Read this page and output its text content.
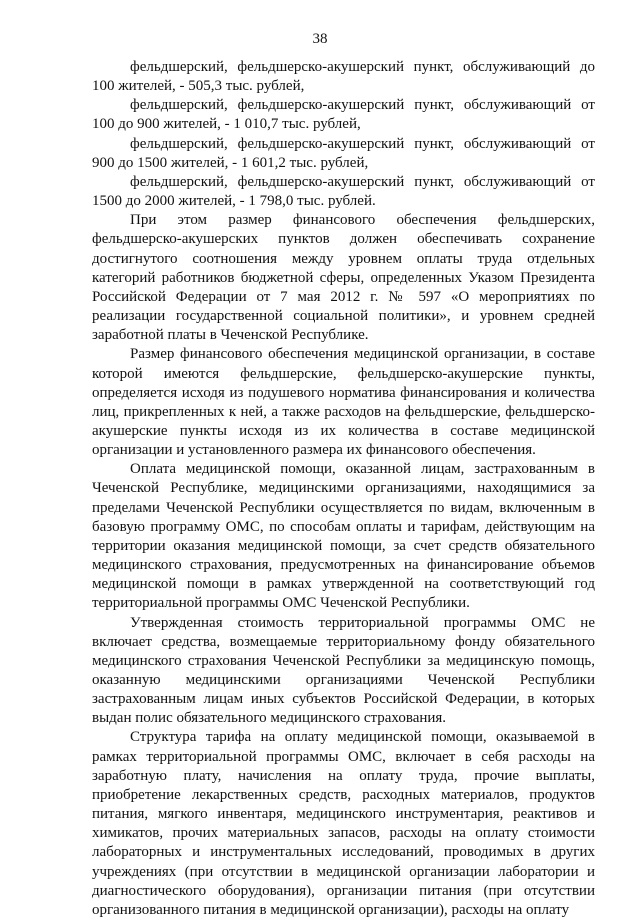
38

фельдшерский, фельдшерско-акушерский пункт, обслуживающий до 100 жителей, - 505,3 тыс. рублей,

фельдшерский, фельдшерско-акушерский пункт, обслуживающий от 100 до 900 жителей, - 1 010,7 тыс. рублей,

фельдшерский, фельдшерско-акушерский пункт, обслуживающий от 900 до 1500 жителей, - 1 601,2 тыс. рублей,

фельдшерский, фельдшерско-акушерский пункт, обслуживающий от 1500 до 2000 жителей, - 1 798,0 тыс. рублей.

При этом размер финансового обеспечения фельдшерских, фельдшерско-акушерских пунктов должен обеспечивать сохранение достигнутого соотношения между уровнем оплаты труда отдельных категорий работников бюджетной сферы, определенных Указом Президента Российской Федерации от 7 мая 2012 г. № 597 «О мероприятиях по реализации государственной социальной политики», и уровнем средней заработной платы в Чеченской Республике.

Размер финансового обеспечения медицинской организации, в составе которой имеются фельдшерские, фельдшерско-акушерские пункты, определяется исходя из подушевого норматива финансирования и количества лиц, прикрепленных к ней, а также расходов на фельдшерские, фельдшерско-акушерские пункты исходя из их количества в составе медицинской организации и установленного размера их финансового обеспечения.

Оплата медицинской помощи, оказанной лицам, застрахованным в Чеченской Республике, медицинскими организациями, находящимися за пределами Чеченской Республики осуществляется по видам, включенным в базовую программу ОМС, по способам оплаты и тарифам, действующим на территории оказания медицинской помощи, за счет средств обязательного медицинского страхования, предусмотренных на финансирование объемов медицинской помощи в рамках утвержденной на соответствующий год территориальной программы ОМС Чеченской Республики.

Утвержденная стоимость территориальной программы ОМС не включает средства, возмещаемые территориальному фонду обязательного медицинского страхования Чеченской Республики за медицинскую помощь, оказанную медицинскими организациями Чеченской Республики застрахованным лицам иных субъектов Российской Федерации, в которых выдан полис обязательного медицинского страхования.

Структура тарифа на оплату медицинской помощи, оказываемой в рамках территориальной программы ОМС, включает в себя расходы на заработную плату, начисления на оплату труда, прочие выплаты, приобретение лекарственных средств, расходных материалов, продуктов питания, мягкого инвентаря, медицинского инструментария, реактивов и химикатов, прочих материальных запасов, расходы на оплату стоимости лабораторных и инструментальных исследований, проводимых в других учреждениях (при отсутствии в медицинской организации лаборатории и диагностического оборудования), организации питания (при отсутствии организованного питания в медицинской организации), расходы на оплату
